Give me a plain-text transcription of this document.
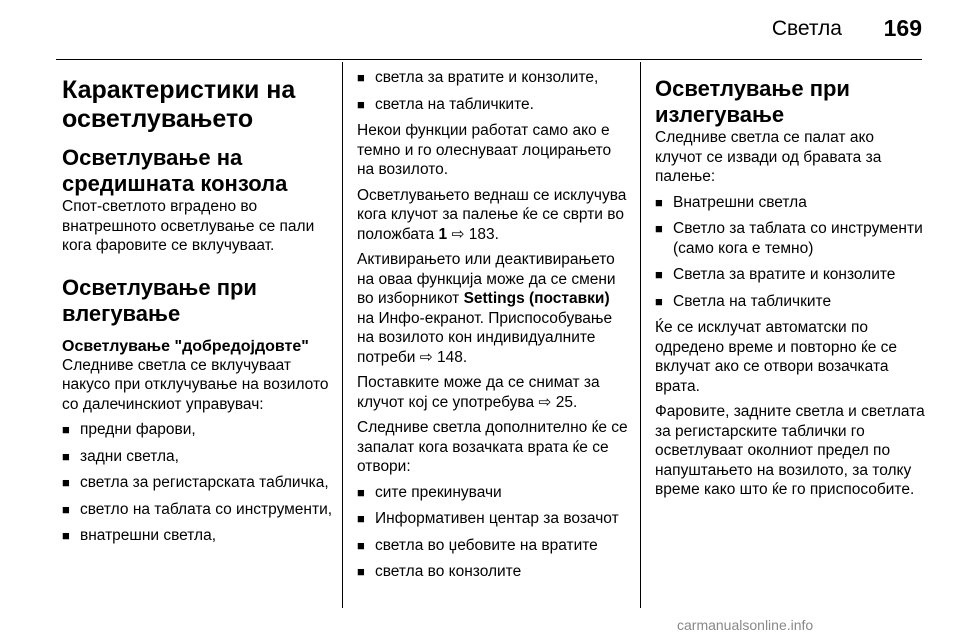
Светла 169
Карактеристики на осветлувањето
Осветлување на средишната конзола

Спот-светлото вградено во внатрешното осветлување се пали кога фаровите се вклучуваат.

Осветлување при влегување
Осветлување "добредојдовте"

Следниве светла се вклучуваат накусо при отклучување на возилото со далечинскиот управувач:

■ предни фарови,
■ задни светла,
■ светла за регистарската табличка,
■ светло на таблата со инструменти,
■ внатрешни светла,
■ светла за вратите и конзолите,
■ светла на табличките.

Некои функции работат само ако е темно и го олеснуваат лоцирањето на возилото.

Осветлувањето веднаш се исклучува кога клучот за палење ќе се сврти во положбата 1 ⇨ 183.

Активирањето или деактивирањето на оваа функција може да се смени во изборникот Settings (поставки) на Инфо-екранот. Приспособување на возилото кон индивидуалните потреби ⇨ 148.

Поставките може да се снимат за клучот кој се употребува ⇨ 25.

Следниве светла дополнително ќе се запалат кога возачката врата ќе се отвори:

■ сите прекинувачи
■ Информативен центар за возачот
■ светла во џебовите на вратите
■ светла во конзолите
Осветлување при излегување

Следниве светла се палат ако клучот се извади од бравата за палење:

■ Внатрешни светла
■ Светло за таблата со инструменти (само кога е темно)
■ Светла за вратите и конзолите
■ Светла на табличките

Ќе се исклучат автоматски по одредено време и повторно ќе се вклучат ако се отвори возачката врата.

Фаровите, задните светла и светлата за регистарските таблички го осветлуваат околниот предел по напуштањето на возилото, за толку време како што ќе го приспособите.

carmanualsonline.info
